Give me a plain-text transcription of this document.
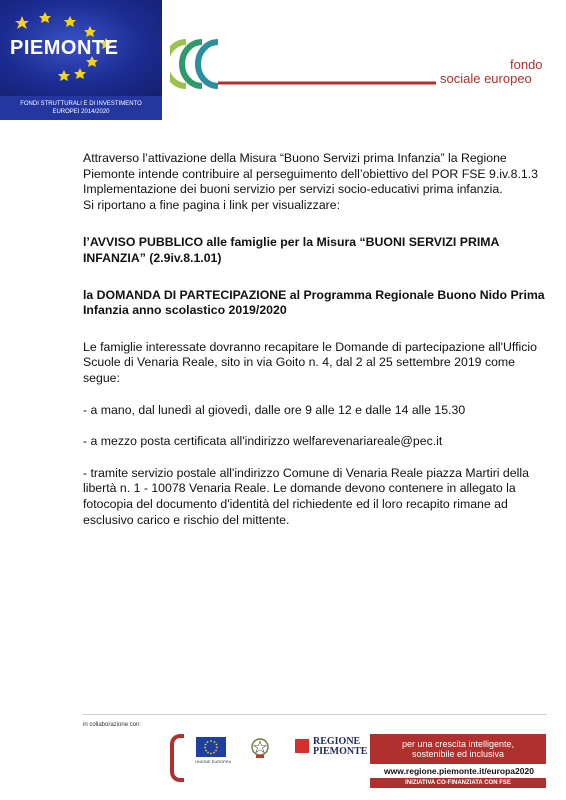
PIEMONTE
FONDI STRUTTURALI E DI INVESTIMENTO
EUROPEI 2014/2020
fondo
sociale europeo

Attraverso l’attivazione della Misura “Buono Servizi prima Infanzia” la Regione Piemonte intende contribuire al perseguimento dell’obiettivo del POR FSE 9.iv.8.1.3 Implementazione dei buoni servizio per servizi socio-educativi prima infanzia.

Si riportano a fine pagina i link per visualizzare:

l’AVVISO PUBBLICO alle famiglie per la Misura “BUONI SERVIZI PRIMA INFANZIA” (2.9iv.8.1.01)

la DOMANDA DI PARTECIPAZIONE al Programma Regionale Buono Nido Prima Infanzia anno scolastico 2019/2020

Le famiglie interessate dovranno recapitare le Domande di partecipazione all'Ufficio Scuole di Venaria Reale, sito in via Goito n. 4, dal 2 al 25 settembre 2019 come segue:

- a mano, dal lunedì al giovedì, dalle ore 9 alle 12 e dalle 14 alle 15.30

- a mezzo posta certificata all'indirizzo welfarevenariareale@pec.it

- tramite servizio postale all'indirizzo Comune di Venaria Reale piazza Martiri della libertà n. 1 - 10078 Venaria Reale. Le domande devono contenere in allegato la fotocopia del documento d'identità del richiedente ed il loro recapito rimane ad esclusivo carico e rischio del mittente.

in collaborazione con:
UNIONE EUROPEA
REGIONE
PIEMONTE
per una crescita intelligente,
sostenibile ed inclusiva
www.regione.piemonte.it/europa2020
INIZIATIVA CO-FINANZIATA CON FSE
